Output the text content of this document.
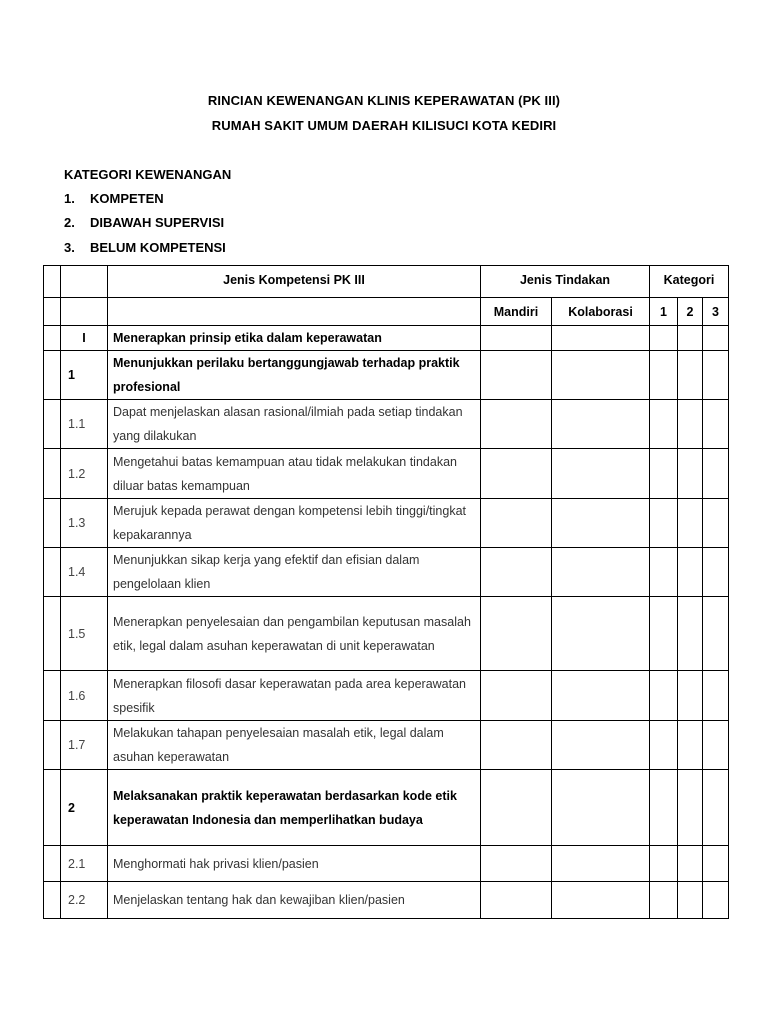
RINCIAN KEWENANGAN KLINIS KEPERAWATAN (PK III)
RUMAH SAKIT UMUM DAERAH KILISUCI KOTA KEDIRI
KATEGORI KEWENANGAN
1. KOMPETEN
2. DIBAWAH SUPERVISI
3. BELUM KOMPETENSI
		Jenis Kompetensi PK III	Jenis Tindakan		Kategori		
			Mandiri	Kolaborasi	1	2	3
	I	Menerapkan prinsip etika dalam keperawatan					
	1	Menunjukkan perilaku bertanggungjawab terhadap praktik profesional					
	1.1	Dapat menjelaskan alasan rasional/ilmiah pada setiap tindakan yang dilakukan					
	1.2	Mengetahui batas kemampuan atau tidak melakukan tindakan diluar batas kemampuan					
	1.3	Merujuk kepada perawat dengan kompetensi lebih tinggi/tingkat kepakarannya					
	1.4	Menunjukkan sikap kerja yang efektif dan efisian dalam pengelolaan klien					
	1.5	Menerapkan penyelesaian dan pengambilan keputusan masalah etik, legal dalam asuhan keperawatan di unit keperawatan					
	1.6	Menerapkan filosofi dasar keperawatan pada area keperawatan spesifik					
	1.7	Melakukan tahapan penyelesaian masalah etik, legal dalam asuhan keperawatan					
	2	Melaksanakan praktik keperawatan berdasarkan kode etik keperawatan Indonesia dan memperlihatkan budaya					
	2.1	Menghormati hak privasi klien/pasien					
	2.2	Menjelaskan tentang hak dan kewajiban klien/pasien					
